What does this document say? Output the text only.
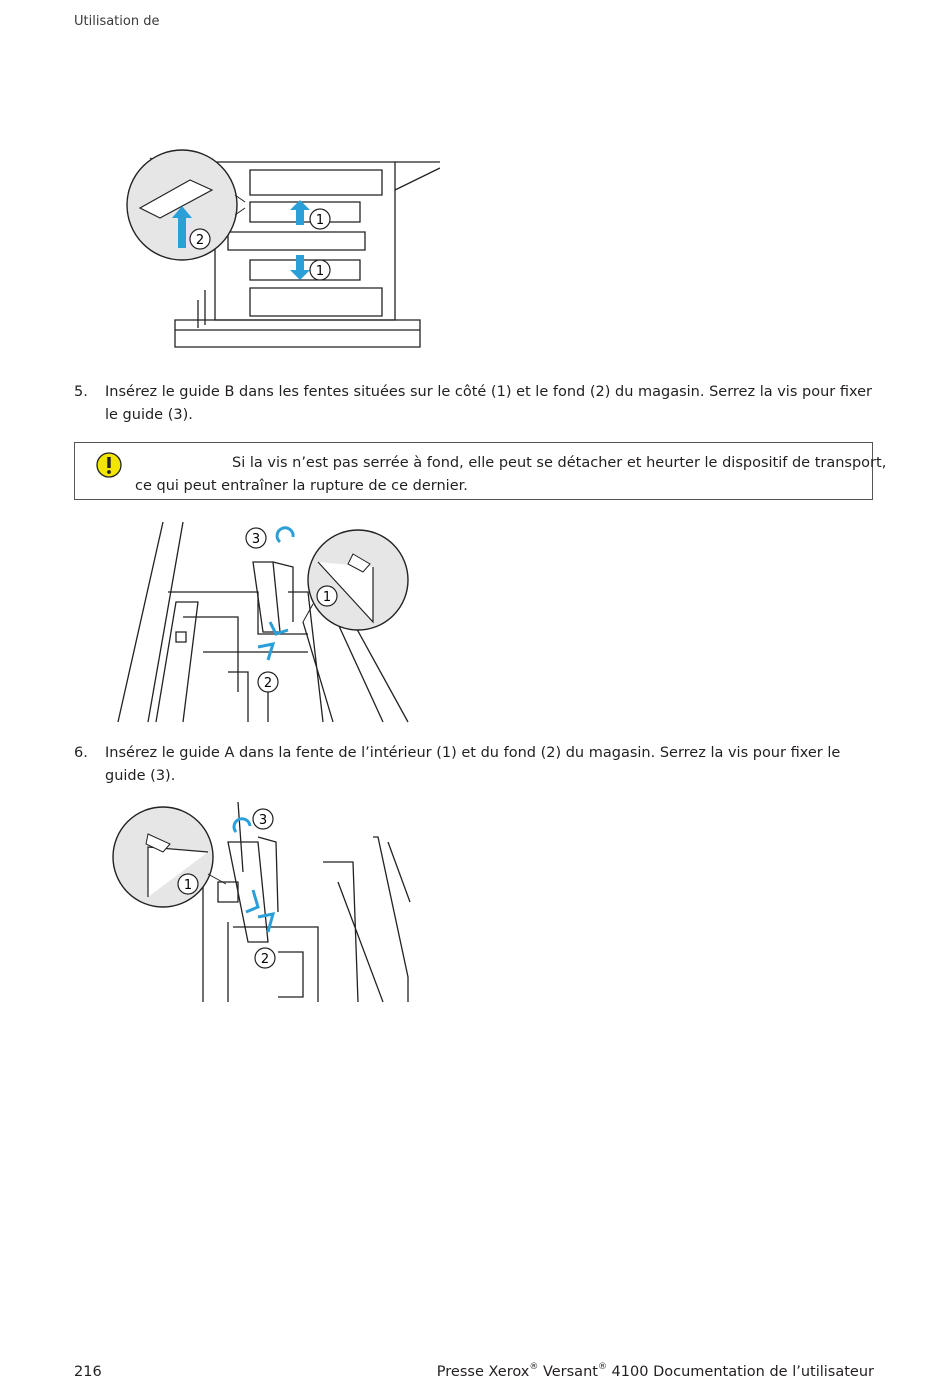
Utilisation de
1
2
1
5. Insérez le guide B dans les fentes situées sur le côté (1) et le fond (2) du magasin. Serrez la vis pour fixer le guide (3).
Si la vis n’est pas serrée à fond, elle peut se détacher et heurter le dispositif de transport,
ce qui peut entraîner la rupture de ce dernier.
3
1
2
6. Insérez le guide A dans la fente de l’intérieur (1) et du fond (2) du magasin. Serrez la vis pour fixer le guide (3).
3
1
2
216	Presse Xerox® Versant® 4100 Documentation de l’utilisateur
